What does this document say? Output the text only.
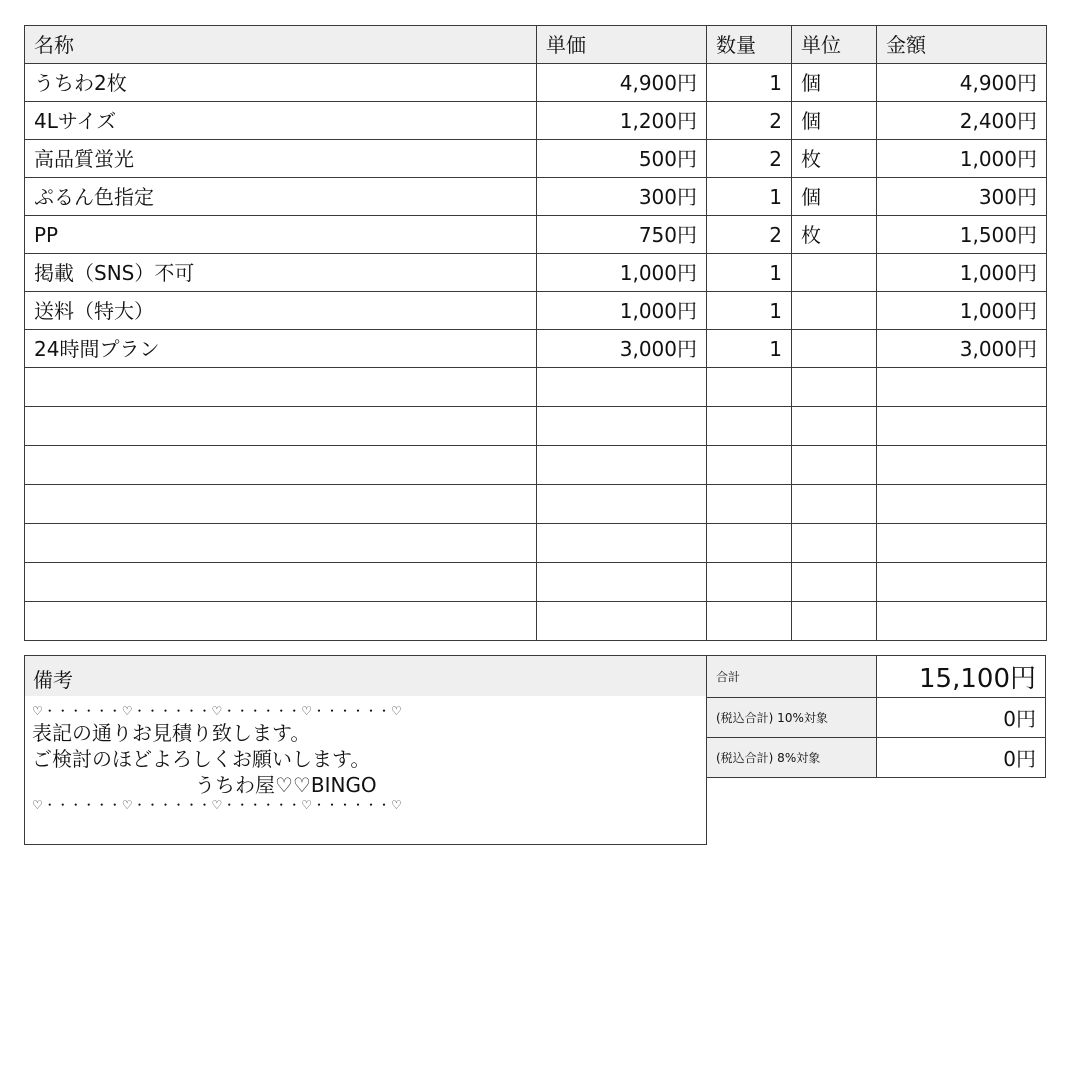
名称	単価	数量	単位	金額
うちわ2枚	4,900円	1	個	4,900円
4Lサイズ	1,200円	2	個	2,400円
高品質蛍光	500円	2	枚	1,000円
ぷるん色指定	300円	1	個	300円
PP	750円	2	枚	1,500円
掲載（SNS）不可	1,000円	1		1,000円
送料（特大）	1,000円	1		1,000円
24時間プラン	3,000円	1		3,000円

備考
♡・・・・・・♡・・・・・・♡・・・・・・♡・・・・・・♡
表記の通りお見積り致します。
ご検討のほどよろしくお願いします。
うちわ屋♡♡BINGO
♡・・・・・・♡・・・・・・♡・・・・・・♡・・・・・・♡
合計	15,100円
(税込合計) 10%対象	0円
(税込合計) 8%対象	0円
